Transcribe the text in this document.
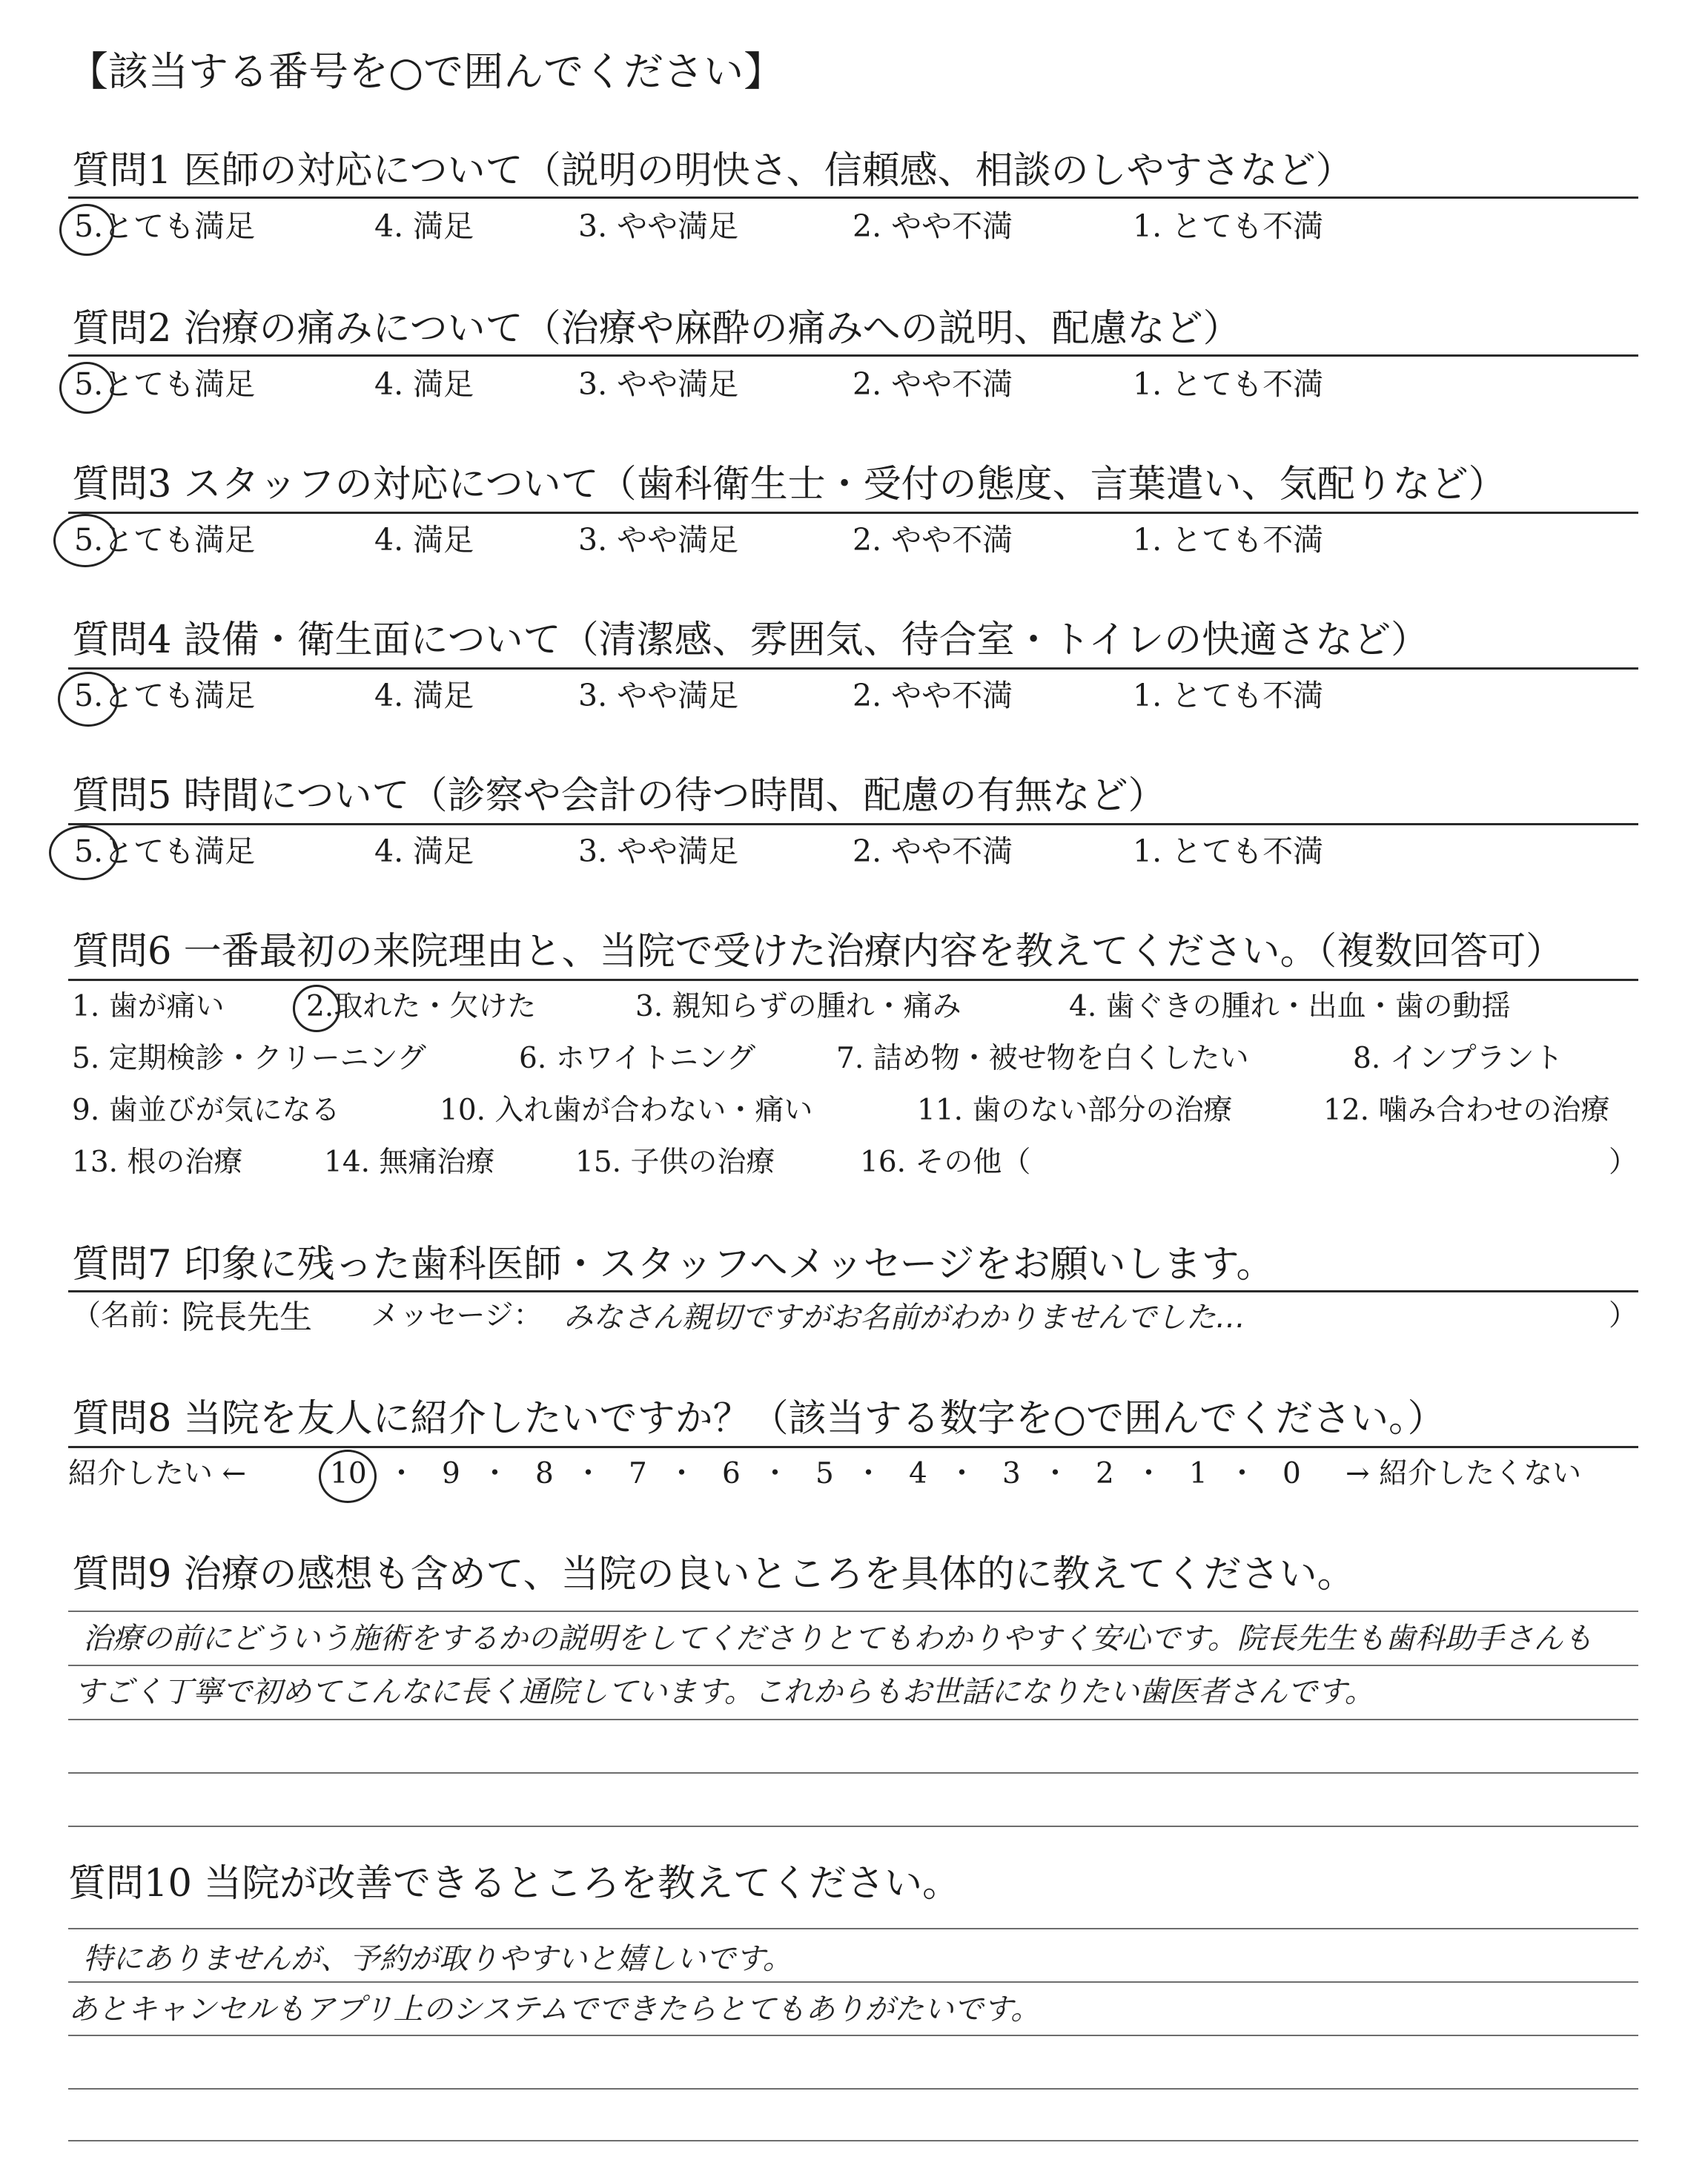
【該当する番号を○で囲んでください】
質問1 医師の対応について（説明の明快さ、信頼感、相談のしやすさなど）
5.とても満足	4. 満足	3. やや満足	2. やや不満	1. とても不満
質問2 治療の痛みについて（治療や麻酔の痛みへの説明、配慮など）
5.とても満足	4. 満足	3. やや満足	2. やや不満	1. とても不満
質問3 スタッフの対応について（歯科衛生士・受付の態度、言葉遣い、気配りなど）
5.とても満足	4. 満足	3. やや満足	2. やや不満	1. とても不満
質問4 設備・衛生面について（清潔感、雰囲気、待合室・トイレの快適さなど）
5.とても満足	4. 満足	3. やや満足	2. やや不満	1. とても不満
質問5 時間について（診察や会計の待つ時間、配慮の有無など）
5.とても満足	4. 満足	3. やや満足	2. やや不満	1. とても不満
質問6 一番最初の来院理由と、当院で受けた治療内容を教えてください。（複数回答可）
1. 歯が痛い	2.取れた・欠けた	3. 親知らずの腫れ・痛み	4. 歯ぐきの腫れ・出血・歯の動揺
5. 定期検診・クリーニング	6. ホワイトニング	7. 詰め物・被せ物を白くしたい	8. インプラント
9. 歯並びが気になる	10. 入れ歯が合わない・痛い	11. 歯のない部分の治療	12. 噛み合わせの治療
13. 根の治療	14. 無痛治療	15. 子供の治療	16. その他（	）
質問7 印象に残った歯科医師・スタッフへメッセージをお願いします。
（名前：
院長先生 メッセージ： みなさん親切ですがお名前がわかりませんでした…	）
質問8 当院を友人に紹介したいですか？（該当する数字を○で囲んでください。）
紹介したい ←	10 ・ 9 ・ 8 ・ 7 ・ 6 ・ 5 ・ 4 ・ 3 ・ 2 ・ 1 ・ 0 → 紹介したくない
質問9 治療の感想も含めて、当院の良いところを具体的に教えてください。
治療の前にどういう施術をするかの説明をしてくださりとてもわかりやすく安心です。院長先生も歯科助手さんも
すごく丁寧で初めてこんなに長く通院しています。これからもお世話になりたい歯医者さんです。
質問10 当院が改善できるところを教えてください。
特にありませんが、予約が取りやすいと嬉しいです。
あとキャンセルもアプリ上のシステムでできたらとてもありがたいです。
